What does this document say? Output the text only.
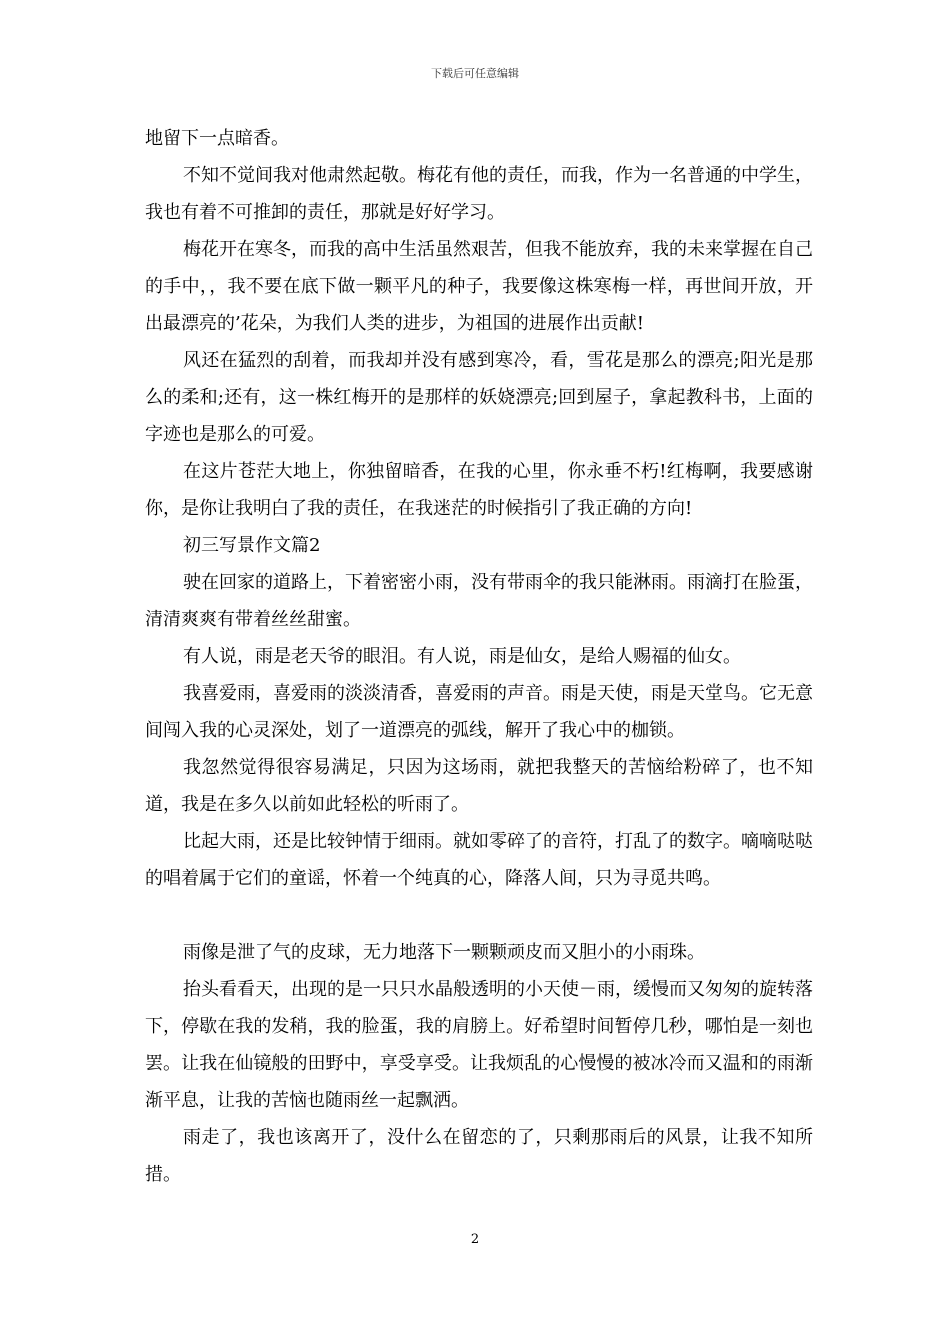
下载后可任意编辑

地留下一点暗香。

不知不觉间我对他肃然起敬。梅花有他的责任，而我，作为一名普通的中学生，我也有着不可推卸的责任，那就是好好学习。

梅花开在寒冬，而我的高中生活虽然艰苦，但我不能放弃，我的未来掌握在自己的手中，，我不要在底下做一颗平凡的种子，我要像这株寒梅一样，再世间开放，开出最漂亮的’花朵，为我们人类的进步，为祖国的进展作出贡献!

风还在猛烈的刮着，而我却并没有感到寒冷，看，雪花是那么的漂亮;阳光是那么的柔和;还有，这一株红梅开的是那样的妖娆漂亮;回到屋子，拿起教科书，上面的字迹也是那么的可爱。

在这片苍茫大地上，你独留暗香，在我的心里，你永垂不朽!红梅啊，我要感谢你，是你让我明白了我的责任，在我迷茫的时候指引了我正确的方向!

初三写景作文篇2

驶在回家的道路上，下着密密小雨，没有带雨伞的我只能淋雨。雨滴打在脸蛋，清清爽爽有带着丝丝甜蜜。

有人说，雨是老天爷的眼泪。有人说，雨是仙女，是给人赐福的仙女。

我喜爱雨，喜爱雨的淡淡清香，喜爱雨的声音。雨是天使，雨是天堂鸟。它无意间闯入我的心灵深处，划了一道漂亮的弧线，解开了我心中的枷锁。

我忽然觉得很容易满足，只因为这场雨，就把我整天的苦恼给粉碎了，也不知道，我是在多久以前如此轻松的听雨了。

比起大雨，还是比较钟情于细雨。就如零碎了的音符，打乱了的数字。嘀嘀哒哒的唱着属于它们的童谣，怀着一个纯真的心，降落人间，只为寻觅共鸣。

雨像是泄了气的皮球，无力地落下一颗颗顽皮而又胆小的小雨珠。

抬头看看天，出现的是一只只水晶般透明的小天使－雨，缓慢而又匆匆的旋转落下，停歇在我的发稍，我的脸蛋，我的肩膀上。好希望时间暂停几秒，哪怕是一刻也罢。让我在仙镜般的田野中，享受享受。让我烦乱的心慢慢的被冰冷而又温和的雨渐渐平息，让我的苦恼也随雨丝一起飘洒。

雨走了，我也该离开了，没什么在留恋的了，只剩那雨后的风景，让我不知所措。

2
